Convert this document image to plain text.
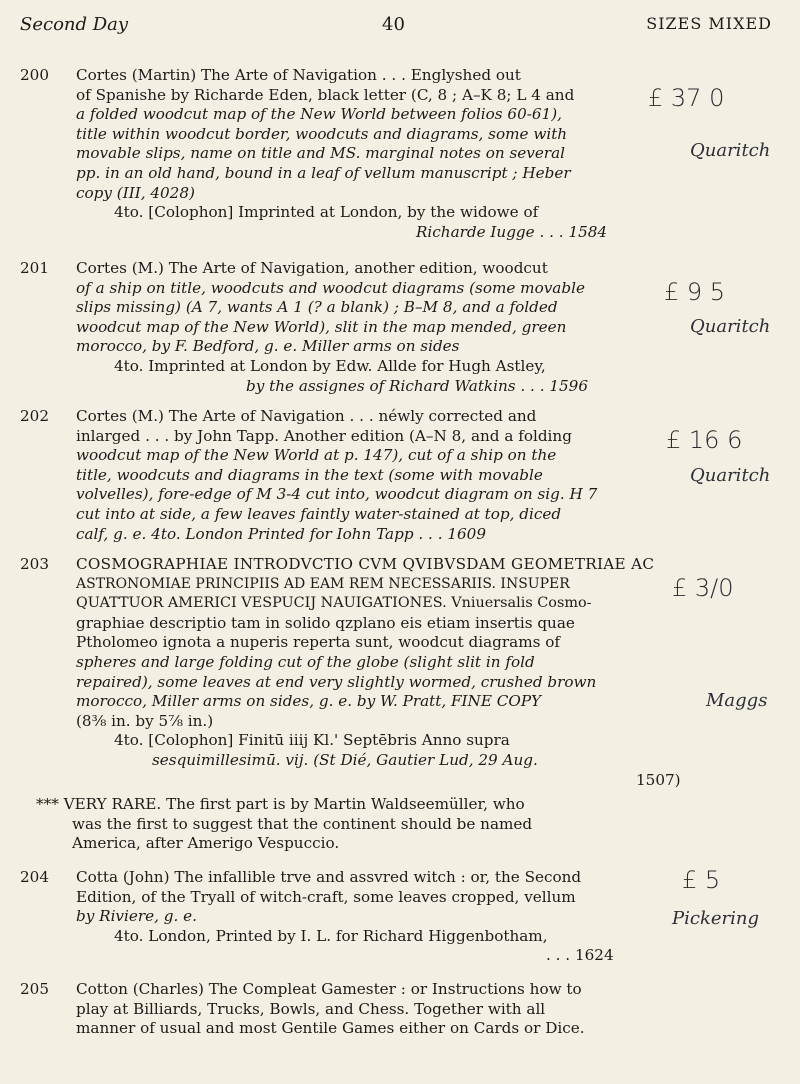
Second Day	40	SIZES MIXED
200	Cortes (Martin) The Arte of Navigation . . . Englyshed out
of Spanishe by Richarde Eden, black letter (C, 8 ; A–K 8; L 4 and
a folded woodcut map of the New World between folios 60-61),
title within woodcut border, woodcuts and diagrams, some with
movable slips, name on title and MS. marginal notes on several
pp. in an old hand, bound in a leaf of vellum manuscript ; Heber
copy (III, 4028)
4to. [Colophon] Imprinted at London, by the widowe of
Richarde Iugge . . . 1584
£ 37 0
Quaritch
201	Cortes (M.) The Arte of Navigation, another edition, woodcut
of a ship on title, woodcuts and woodcut diagrams (some movable
slips missing) (A 7, wants A 1 (? a blank) ; B–M 8, and a folded
woodcut map of the New World), slit in the map mended, green
morocco, by F. Bedford, g. e. Miller arms on sides
4to. Imprinted at London by Edw. Allde for Hugh Astley,
by the assignes of Richard Watkins . . . 1596
£ 9 5
Quaritch
202	Cortes (M.) The Arte of Navigation . . . néwly corrected and
inlarged . . . by John Tapp. Another edition (A–N 8, and a folding
woodcut map of the New World at p. 147), cut of a ship on the
title, woodcuts and diagrams in the text (some with movable
volvelles), fore-edge of M 3-4 cut into, woodcut diagram on sig. H 7
cut into at side, a few leaves faintly water-stained at top, diced
calf, g. e. 4to. London Printed for Iohn Tapp . . . 1609
£ 16 6
Quaritch
203	COSMOGRAPHIAE INTRODVCTIO CVM QVIBVSDAM GEOMETRIAE AC
ASTRONOMIAE PRINCIPIIS AD EAM REM NECESSARIIS. INSUPER
QUATTUOR AMERICI VESPUCIJ NAUIGATIONES. Vniuersalis Cosmo-
graphiae descriptio tam in solido qzplano eis etiam insertis quae
Ptholomeo ignota a nuperis reperta sunt, woodcut diagrams of
spheres and large folding cut of the globe (slight slit in fold
repaired), some leaves at end very slightly wormed, crushed brown
morocco, Miller arms on sides, g. e. by W. Pratt, FINE COPY
(8⅜ in. by 5⅞ in.)
4to. [Colophon] Finitū iiij Kl.' Septēbris Anno supra
sesquimillesimū. vij. (St Dié, Gautier Lud, 29 Aug.
1507)
£ 3/0
Maggs
*** VERY RARE. The first part is by Martin Waldseemüller, who
was the first to suggest that the continent should be named
America, after Amerigo Vespuccio.
204	Cotta (John) The infallible trve and assvred witch : or, the Second
Edition, of the Tryall of witch-craft, some leaves cropped, vellum
by Riviere, g. e.
4to. London, Printed by I. L. for Richard Higgenbotham,
. . . 1624
£ 5
Pickering
205	Cotton (Charles) The Compleat Gamester : or Instructions how to
play at Billiards, Trucks, Bowls, and Chess. Together with all
manner of usual and most Gentile Games either on Cards or Dice.
